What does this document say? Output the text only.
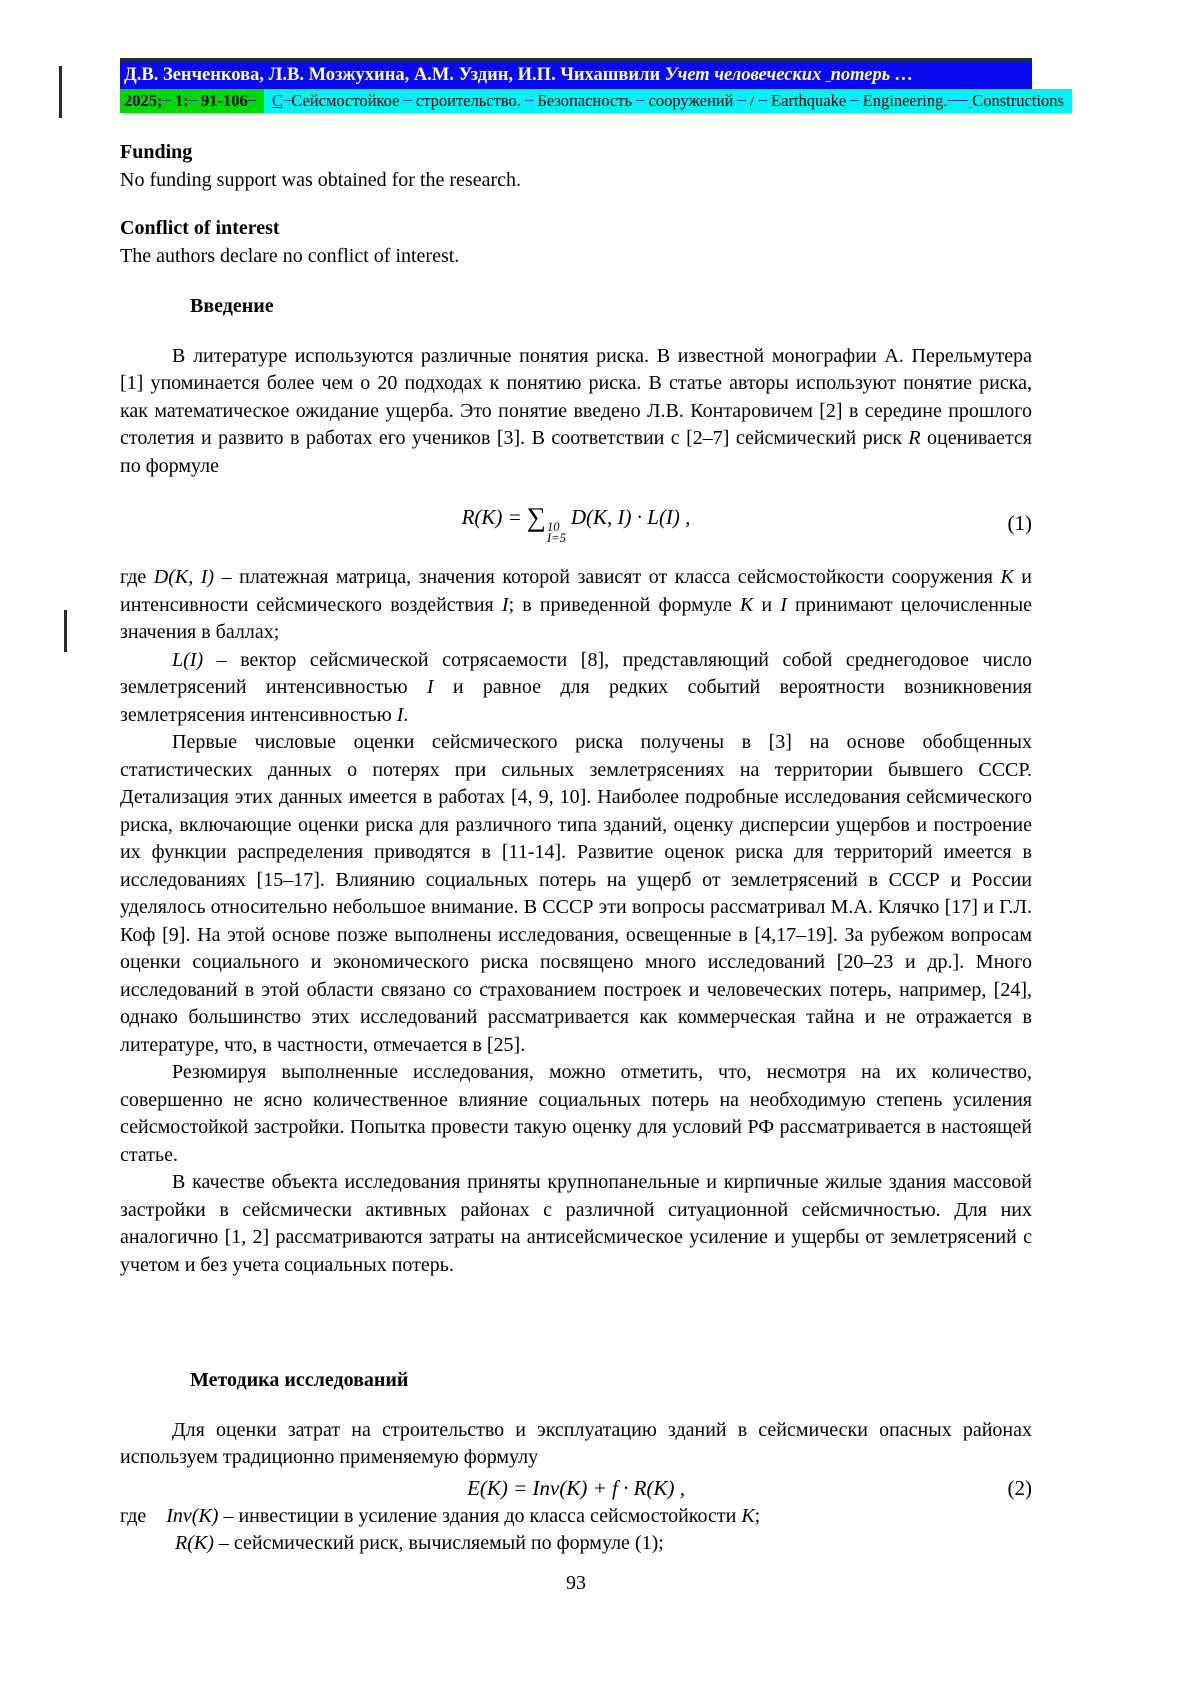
Д.В. Зенченкова, Л.В. Мозжухина, А.М. Уздин, И.П. Чихашвили Учет человеческих  потерь …
2025;   1:   91-106	С Сейсмостойкое    строительство.    Безопасность    сооружений    /    Earthquake    Engineering. Constructions
Funding
No funding support was obtained for the research.
Conflict of interest
The authors declare no conflict of interest.
Введение
В литературе используются различные понятия риска. В известной монографии А. Перельмутера [1] упоминается более чем о 20 подходах к понятию риска. В статье авторы используют понятие риска, как математическое ожидание ущерба. Это понятие введено Л.В. Контаровичем [2] в середине прошлого столетия и развито в работах его учеников [3]. В соответствии с [2–7] сейсмический риск R оценивается по формуле
R(К) = ∑ 10
I=5
D(K, I) · L(I) ,	(1)
где D(K, I) – платежная матрица, значения которой зависят от класса сейсмостойкости сооружения К и интенсивности сейсмического воздействия I; в приведенной формуле К и I принимают целочисленные значения в баллах;
L(I) – вектор сейсмической сотрясаемости [8], представляющий собой среднегодовое число землетрясений интенсивностью I и равное для редких событий вероятности возникновения землетрясения интенсивностью I.
Первые числовые оценки сейсмического риска получены в [3] на основе обобщенных статистических данных о потерях при сильных землетрясениях на территории бывшего СССР. Детализация этих данных имеется в работах [4, 9, 10]. Наиболее подробные исследования сейсмического риска, включающие оценки риска для различного типа зданий, оценку дисперсии ущербов и построение их функции распределения приводятся в [11-14]. Развитие оценок риска для территорий имеется в исследованиях [15–17]. Влиянию социальных потерь на ущерб от землетрясений в СССР и России уделялось относительно небольшое внимание. В СССР эти вопросы рассматривал М.А. Клячко [17] и Г.Л. Коф [9]. На этой основе позже выполнены исследования, освещенные в [4,17–19]. За рубежом вопросам оценки социального и экономического риска посвящено много исследований [20–23 и др.]. Много исследований в этой области связано со страхованием построек и человеческих потерь, например, [24], однако большинство этих исследований рассматривается как коммерческая тайна и не отражается в литературе, что, в частности, отмечается в [25].
Резюмируя выполненные исследования, можно отметить, что, несмотря на их количество, совершенно не ясно количественное влияние социальных потерь на необходимую степень усиления сейсмостойкой застройки. Попытка провести такую оценку для условий РФ рассматривается в настоящей статье.
В качестве объекта исследования приняты крупнопанельные и кирпичные жилые здания массовой застройки в сейсмически активных районах с различной ситуационной сейсмичностью. Для них аналогично [1, 2] рассматриваются затраты на антисейсмическое усиление и ущербы от землетрясений с учетом и без учета социальных потерь.
Методика исследований
Для оценки затрат на строительство и эксплуатацию зданий в сейсмически опасных районах используем традиционно применяемую формулу
E(K) = Inv(K) + f · R(K) ,	(2)
где  Inv(K) – инвестиции в усиление здания до класса сейсмостойкости К;
R(K) – сейсмический риск, вычисляемый по формуле (1);
93
